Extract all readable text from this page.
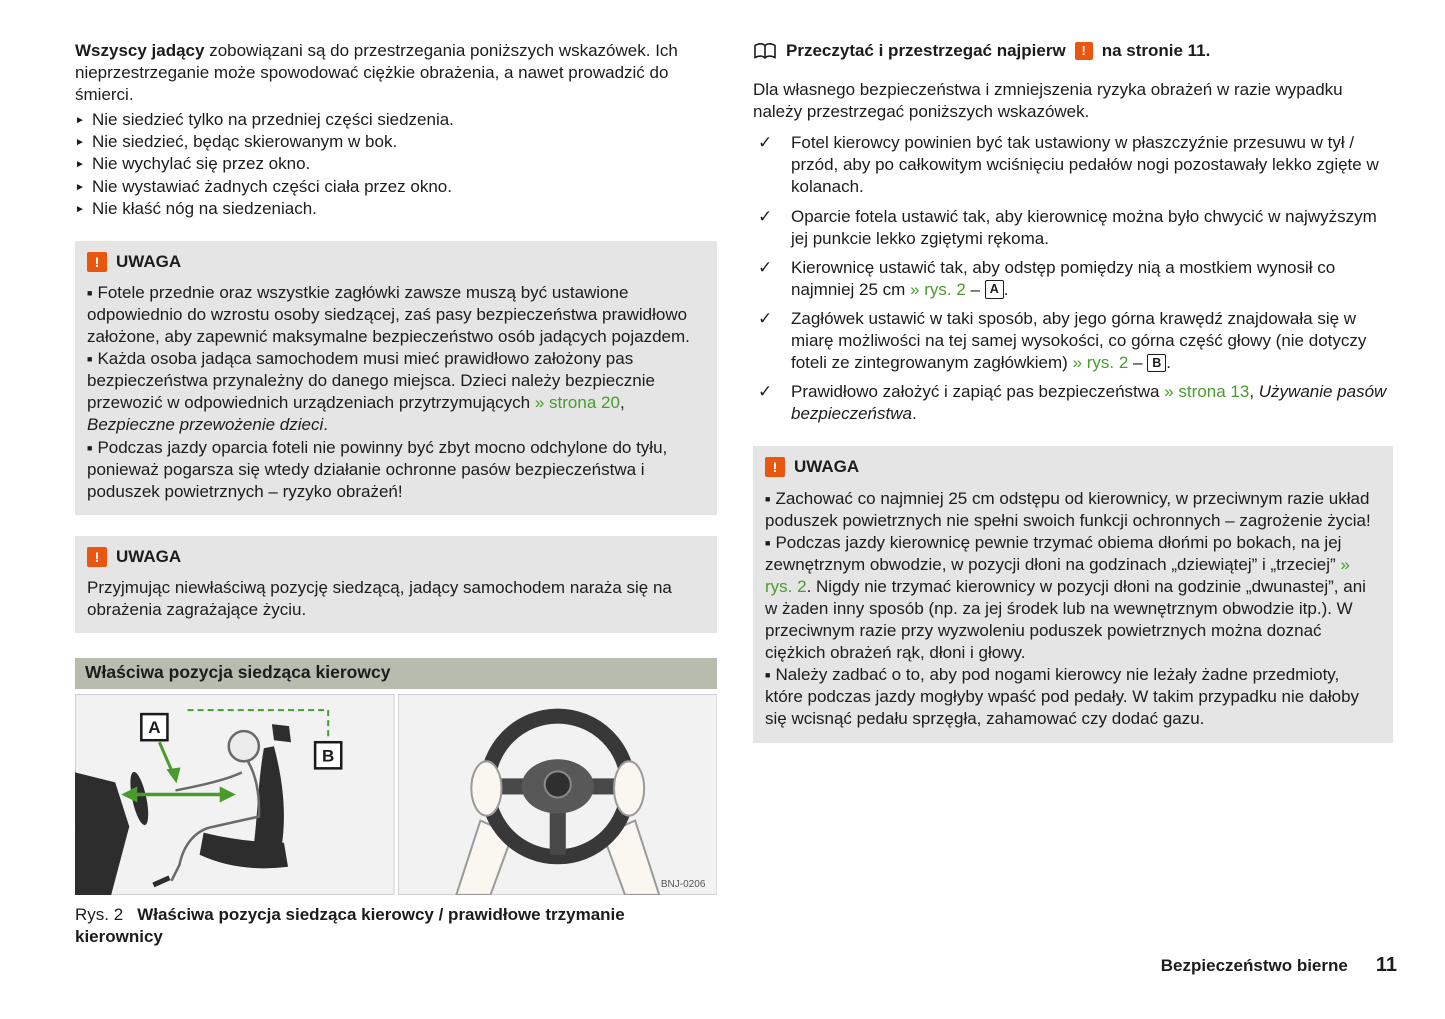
Wszyscy jadący zobowiązani są do przestrzegania poniższych wskazówek. Ich nieprzestrzeganie może spowodować ciężkie obrażenia, a nawet prowadzić do śmierci.

► Nie siedzieć tylko na przedniej części siedzenia.
► Nie siedzieć, będąc skierowanym w bok.
► Nie wychylać się przez okno.
► Nie wystawiać żadnych części ciała przez okno.
► Nie kłaść nóg na siedzeniach.
! UWAGA

■ Fotele przednie oraz wszystkie zagłówki zawsze muszą być ustawione odpowiednio do wzrostu osoby siedzącej, zaś pasy bezpieczeństwa prawidłowo założone, aby zapewnić maksymalne bezpieczeństwo osób jadących pojazdem.

■ Każda osoba jadąca samochodem musi mieć prawidłowo założony pas bezpieczeństwa przynależny do danego miejsca. Dzieci należy bezpiecznie przewozić w odpowiednich urządzeniach przytrzymujących » strona 20, Bezpieczne przewożenie dzieci.

■ Podczas jazdy oparcia foteli nie powinny być zbyt mocno odchylone do tyłu, ponieważ pogarsza się wtedy działanie ochronne pasów bezpieczeństwa i poduszek powietrznych – ryzyko obrażeń!

! UWAGA

Przyjmując niewłaściwą pozycję siedzącą, jadący samochodem naraża się na obrażenia zagrażające życiu.

Właściwa pozycja siedząca kierowcy
A
B
BNJ-0206
Rys. 2 Właściwa pozycja siedząca kierowcy / prawidłowe trzymanie kierownicy
Przeczytać i przestrzegać najpierw	! na stronie 11.

Dla własnego bezpieczeństwa i zmniejszenia ryzyka obrażeń w razie wypadku należy przestrzegać poniższych wskazówek.

✓	Fotel kierowcy powinien być tak ustawiony w płaszczyźnie przesuwu w tył / przód, aby po całkowitym wciśnięciu pedałów nogi pozostawały lekko zgięte w kolanach.
✓	Oparcie fotela ustawić tak, aby kierownicę można było chwycić w najwyższym jej punkcie lekko zgiętymi rękoma.
✓	Kierownicę ustawić tak, aby odstęp pomiędzy nią a mostkiem wynosił co najmniej 25 cm » rys. 2 – A .
✓	Zagłówek ustawić w taki sposób, aby jego górna krawędź znajdowała się w miarę możliwości na tej samej wysokości, co górna część głowy (nie dotyczy foteli ze zintegrowanym zagłówkiem) » rys. 2 – B .
✓	Prawidłowo założyć i zapiąć pas bezpieczeństwa » strona 13, Używanie pasów bezpieczeństwa.
! UWAGA

■ Zachować co najmniej 25 cm odstępu od kierownicy, w przeciwnym razie układ poduszek powietrznych nie spełni swoich funkcji ochronnych – zagrożenie życia!

■ Podczas jazdy kierownicę pewnie trzymać obiema dłońmi po bokach, na jej zewnętrznym obwodzie, w pozycji dłoni na godzinach „dziewiątej” i „trzeciej” » rys. 2. Nigdy nie trzymać kierownicy w pozycji dłoni na godzinie „dwunastej”, ani w żaden inny sposób (np. za jej środek lub na wewnętrznym obwodzie itp.). W przeciwnym razie przy wyzwoleniu poduszek powietrznych można doznać ciężkich obrażeń rąk, dłoni i głowy.

■ Należy zadbać o to, aby pod nogami kierowcy nie leżały żadne przedmioty, które podczas jazdy mogłyby wpaść pod pedały. W takim przypadku nie dałoby się wcisnąć pedału sprzęgła, zahamować czy dodać gazu.

Bezpieczeństwo bierne 11
